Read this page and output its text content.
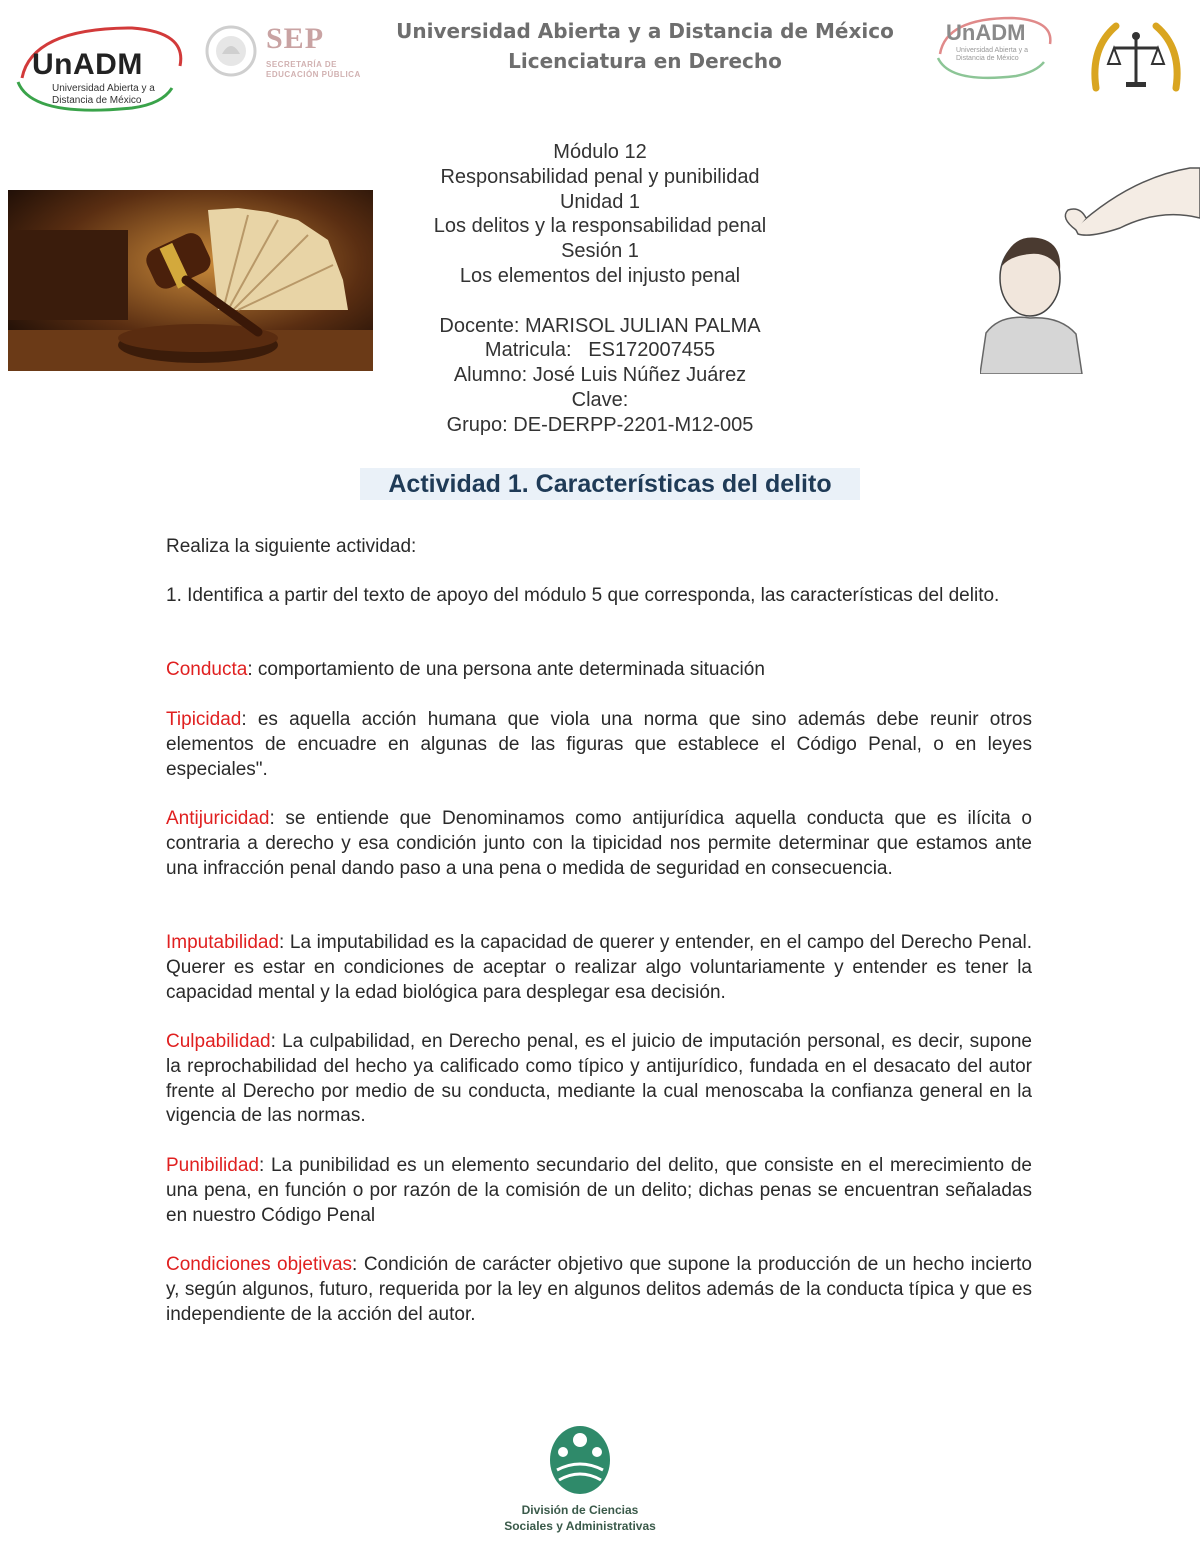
UnADM
Universidad Abierta y a Distancia de México
SEP
SECRETARÍA DE
EDUCACIÓN PÚBLICA
Universidad Abierta y a Distancia de México
Licenciatura en Derecho
UnADM
Universidad Abierta y a Distancia de México
Módulo 12
Responsabilidad penal y punibilidad
Unidad 1
Los delitos y la responsabilidad penal
Sesión 1
Los elementos del injusto penal
Docente: MARISOL JULIAN PALMA
Matricula:   ES172007455
Alumno: José Luis Núñez Juárez
Clave:
Grupo: DE-DERPP-2201-M12-005
Actividad 1. Características del delito
Realiza la siguiente actividad:
1. Identifica a partir del texto de apoyo del módulo 5 que corresponda, las características del delito.
Conducta: comportamiento de una persona ante determinada situación
Tipicidad: es aquella acción humana que viola una norma que sino además debe reunir otros elementos de encuadre en algunas de las figuras que establece el Código Penal, o en leyes especiales".
Antijuricidad: se entiende que Denominamos como antijurídica aquella conducta que es ilícita o contraria a derecho y esa condición junto con la tipicidad nos permite determinar que estamos ante una infracción penal dando paso a una pena o medida de seguridad en consecuencia.
Imputabilidad: La imputabilidad es la capacidad de querer y entender, en el campo del Derecho Penal. Querer es estar en condiciones de aceptar o realizar algo voluntariamente y entender es tener la capacidad mental y la edad biológica para desplegar esa decisión.
Culpabilidad: La culpabilidad, en Derecho penal, es el juicio de imputación personal, es decir, supone la reprochabilidad del hecho ya calificado como típico y antijurídico, fundada en el desacato del autor frente al Derecho por medio de su conducta, mediante la cual menoscaba la confianza general en la vigencia de las normas.
Punibilidad: La punibilidad es un elemento secundario del delito, que consiste en el merecimiento de una pena, en función o por razón de la comisión de un delito; dichas penas se encuentran señaladas en nuestro Código Penal
Condiciones objetivas: Condición de carácter objetivo que supone la producción de un hecho incierto y, según algunos, futuro, requerida por la ley en algunos delitos además de la conducta típica y que es independiente de la acción del autor.
División de Ciencias
Sociales y Administrativas
